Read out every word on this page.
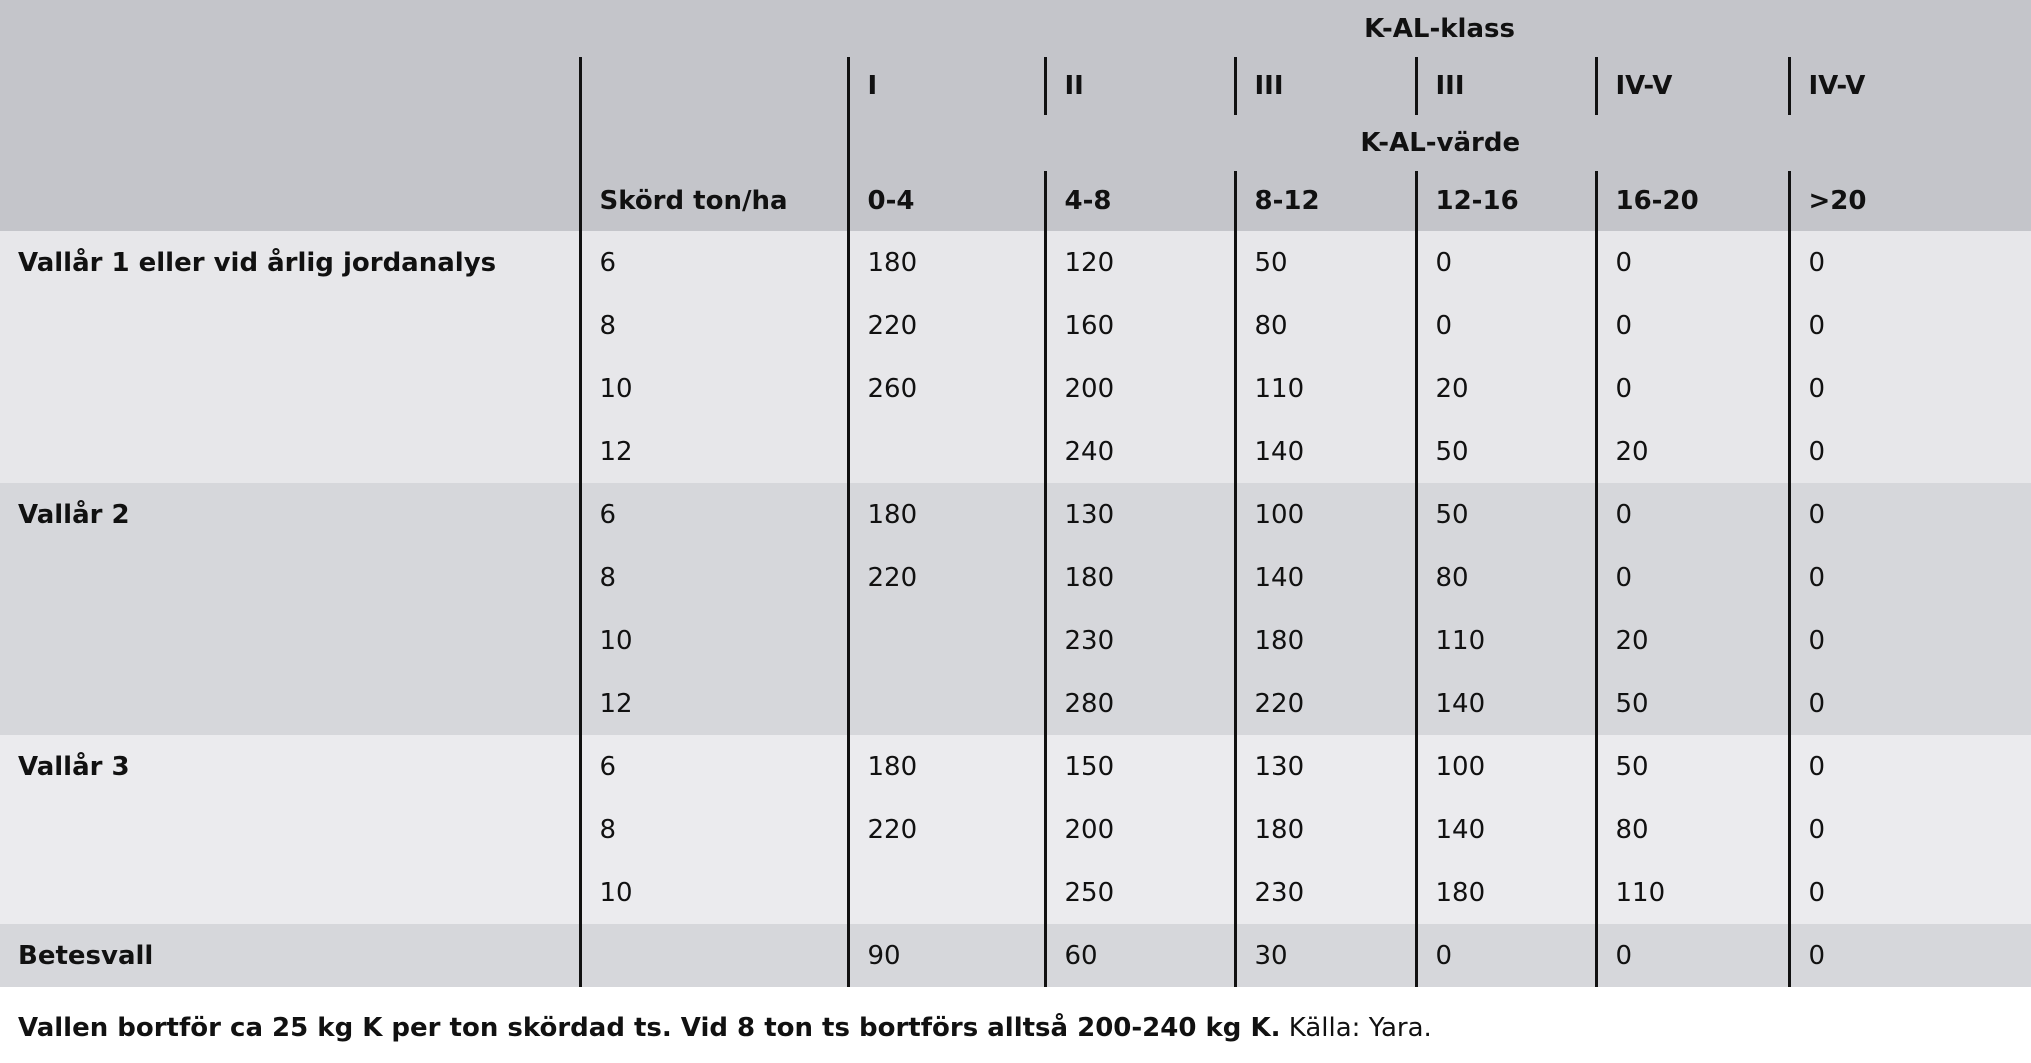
		K-AL-klass					
		I	II	III	III	IV-V	IV-V
		K-AL-värde					
	Skörd ton/ha	0-4	4-8	8-12	12-16	16-20	>20
Vallår 1 eller vid årlig jordanalys	6	180	120	50	0	0	0
	8	220	160	80	0	0	0
	10	260	200	110	20	0	0
	12		240	140	50	20	0
Vallår 2	6	180	130	100	50	0	0
	8	220	180	140	80	0	0
	10		230	180	110	20	0
	12		280	220	140	50	0
Vallår 3	6	180	150	130	100	50	0
	8	220	200	180	140	80	0
	10		250	230	180	110	0
Betesvall		90	60	30	0	0	0
Vallen bortför ca 25 kg K per ton skördad ts. Vid 8 ton ts bortförs alltså 200-240 kg K. Källa: Yara.
